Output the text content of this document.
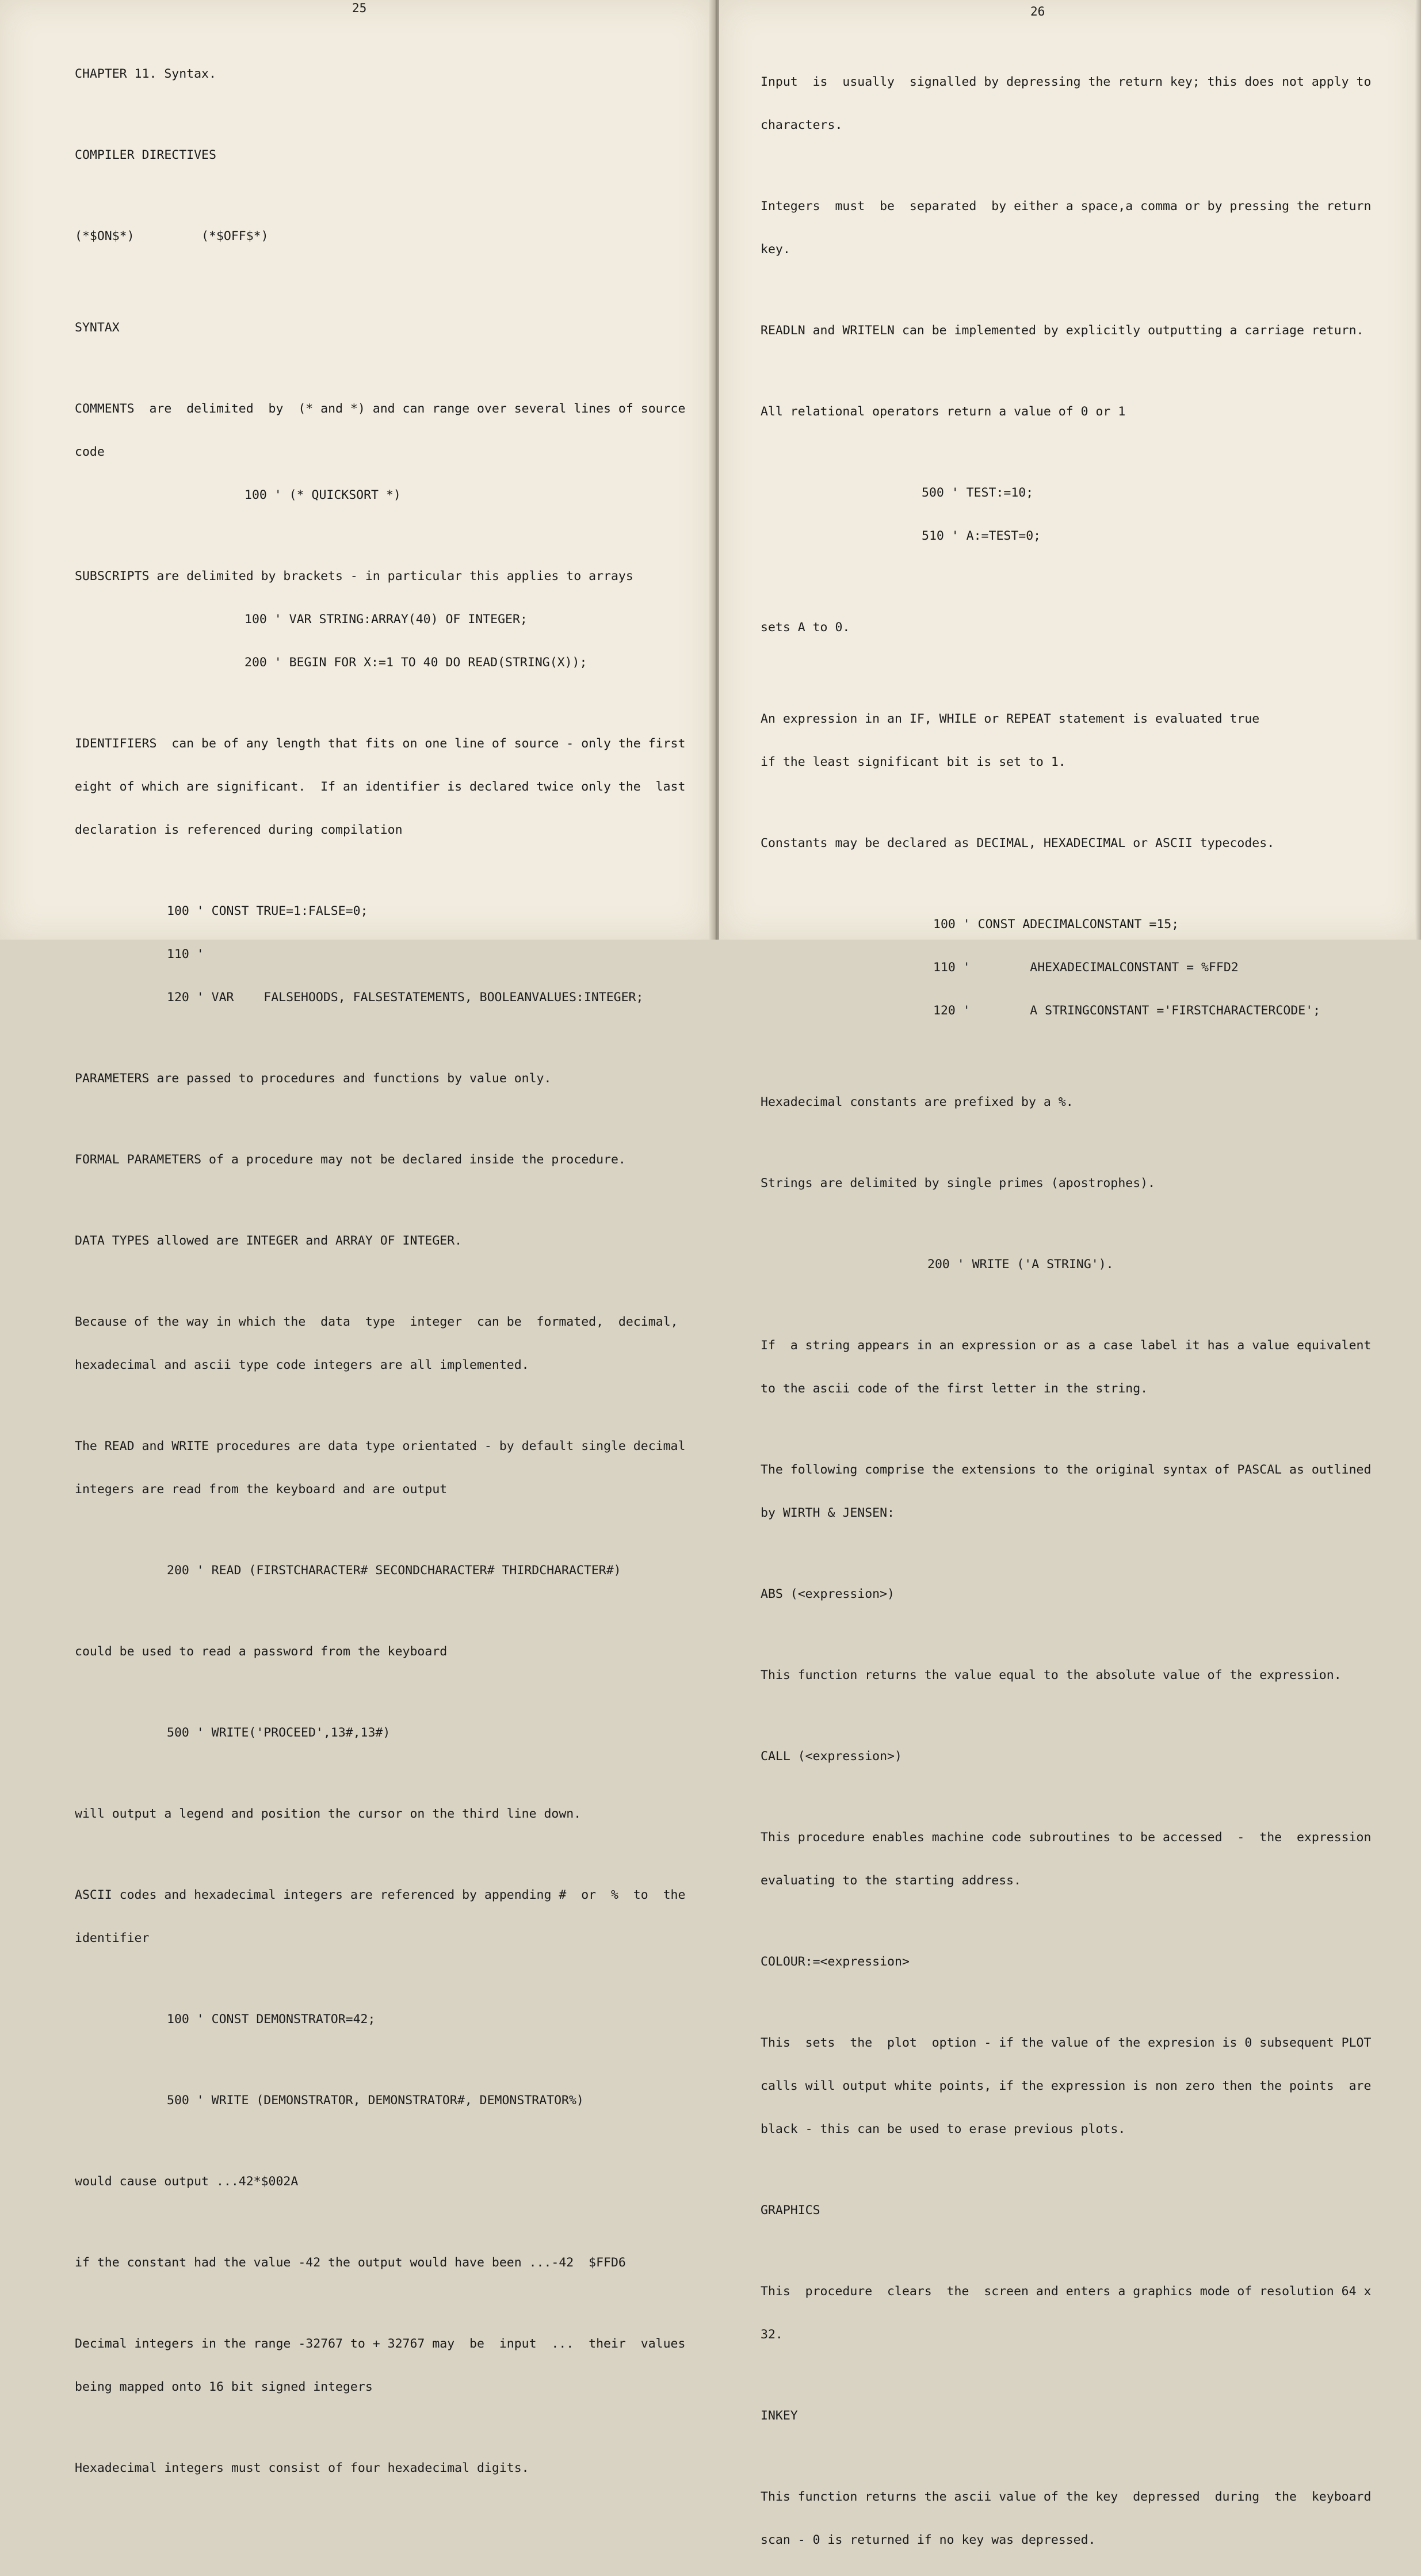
25

CHAPTER 11. Syntax.

COMPILER DIRECTIVES

(*$ON$*)         (*$OFF$*)

SYNTAX

COMMENTS  are  delimited  by  (* and *) and can range over several lines of source

code

100 ' (* QUICKSORT *)

SUBSCRIPTS are delimited by brackets - in particular this applies to arrays

100 ' VAR STRING:ARRAY(40) OF INTEGER;

200 ' BEGIN FOR X:=1 TO 40 DO READ(STRING(X));

IDENTIFIERS  can be of any length that fits on one line of source - only the first

eight of which are significant.  If an identifier is declared twice only the  last

declaration is referenced during compilation

100 ' CONST TRUE=1:FALSE=0;

110 '

120 ' VAR    FALSEHOODS, FALSESTATEMENTS, BOOLEANVALUES:INTEGER;

PARAMETERS are passed to procedures and functions by value only.

FORMAL PARAMETERS of a procedure may not be declared inside the procedure.

DATA TYPES allowed are INTEGER and ARRAY OF INTEGER.

Because of the way in which the  data  type  integer  can be  formated,  decimal,

hexadecimal and ascii type code integers are all implemented.

The READ and WRITE procedures are data type orientated - by default single decimal

integers are read from the keyboard and are output

200 ' READ (FIRSTCHARACTER# SECONDCHARACTER# THIRDCHARACTER#)

could be used to read a password from the keyboard

500 ' WRITE('PROCEED',13#,13#)

will output a legend and position the cursor on the third line down.

ASCII codes and hexadecimal integers are referenced by appending #  or  %  to  the

identifier

100 ' CONST DEMONSTRATOR=42;

500 ' WRITE (DEMONSTRATOR, DEMONSTRATOR#, DEMONSTRATOR%)

would cause output ...42*$002A

if the constant had the value -42 the output would have been ...-42  $FFD6

Decimal integers in the range -32767 to + 32767 may  be  input  ...  their  values

being mapped onto 16 bit signed integers

Hexadecimal integers must consist of four hexadecimal digits.

26

Input  is  usually  signalled by depressing the return key; this does not apply to

characters.

Integers  must  be  separated  by either a space,a comma or by pressing the return

key.

READLN and WRITELN can be implemented by explicitly outputting a carriage return.

All relational operators return a value of 0 or 1

500 ' TEST:=10;

510 ' A:=TEST=0;

sets A to 0.

An expression in an IF, WHILE or REPEAT statement is evaluated true

if the least significant bit is set to 1.

Constants may be declared as DECIMAL, HEXADECIMAL or ASCII typecodes.

100 ' CONST ADECIMALCONSTANT =15;

110 '        AHEXADECIMALCONSTANT = %FFD2

120 '        A STRINGCONSTANT ='FIRSTCHARACTERCODE';

Hexadecimal constants are prefixed by a %.

Strings are delimited by single primes (apostrophes).

200 ' WRITE ('A STRING').

If  a string appears in an expression or as a case label it has a value equivalent

to the ascii code of the first letter in the string.

The following comprise the extensions to the original syntax of PASCAL as outlined

by WIRTH & JENSEN:

ABS (<expression>)

This function returns the value equal to the absolute value of the expression.

CALL (<expression>)

This procedure enables machine code subroutines to be accessed  -  the  expression

evaluating to the starting address.

COLOUR:=<expression>

This  sets  the  plot  option - if the value of the expresion is 0 subsequent PLOT

calls will output white points, if the expression is non zero then the points  are

black - this can be used to erase previous plots.

GRAPHICS

This  procedure  clears  the  screen and enters a graphics mode of resolution 64 x

32.

INKEY

This function returns the ascii value of the key  depressed  during  the  keyboard

scan - 0 is returned if no key was depressed.
